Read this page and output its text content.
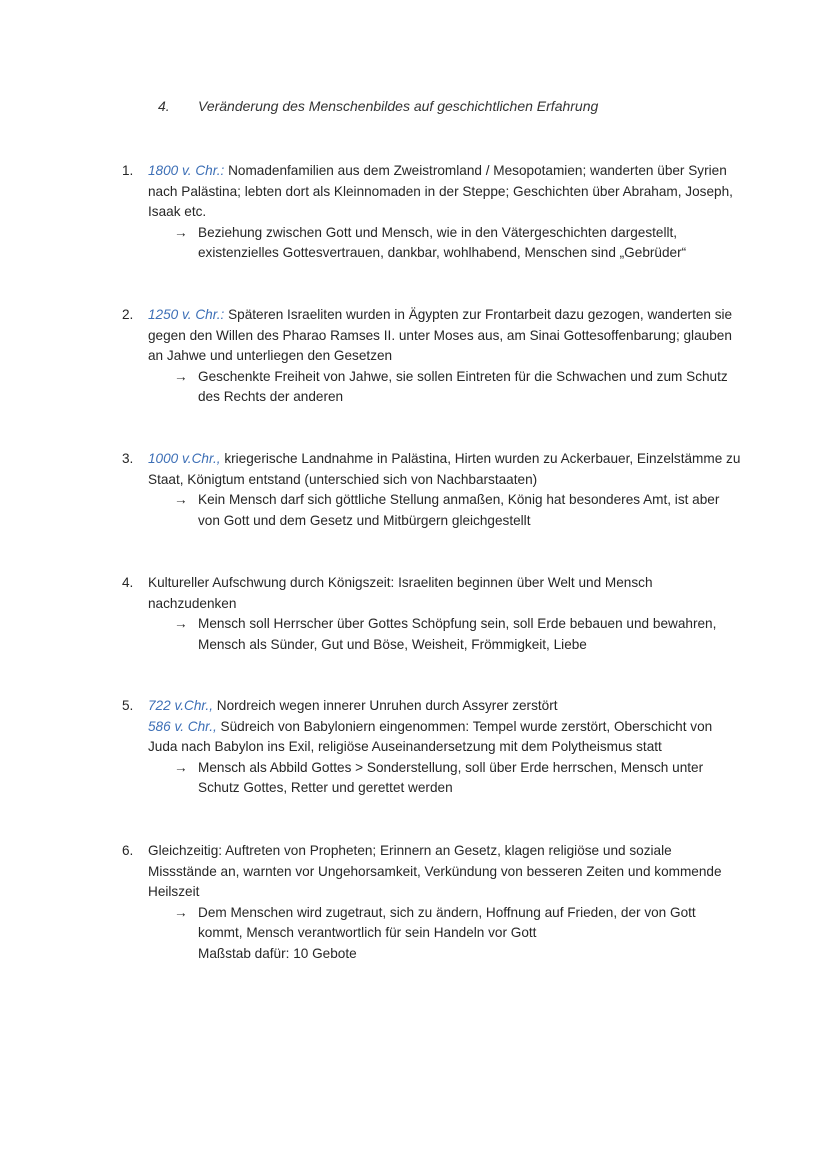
4. Veränderung des Menschenbildes auf geschichtlichen Erfahrung
1.	1800 v. Chr.: Nomadenfamilien aus dem Zweistromland / Mesopotamien; wanderten über Syrien nach Palästina; lebten dort als Kleinnomaden in der Steppe; Geschichten über Abraham, Joseph, Isaak etc.

→ Beziehung zwischen Gott und Mensch, wie in den Vätergeschichten dargestellt, existenzielles Gottesvertrauen, dankbar, wohlhabend, Menschen sind „Gebrüder“

2.	1250 v. Chr.: Späteren Israeliten wurden in Ägypten zur Frontarbeit dazu gezogen, wanderten sie gegen den Willen des Pharao Ramses II. unter Moses aus, am Sinai Gottesoffenbarung; glauben an Jahwe und unterliegen den Gesetzen

→ Geschenkte Freiheit von Jahwe, sie sollen Eintreten für die Schwachen und zum Schutz des Rechts der anderen

3.	1000 v.Chr., kriegerische Landnahme in Palästina, Hirten wurden zu Ackerbauer, Einzelstämme zu Staat, Königtum entstand (unterschied sich von Nachbarstaaten)

→ Kein Mensch darf sich göttliche Stellung anmaßen, König hat besonderes Amt, ist aber von Gott und dem Gesetz und Mitbürgern gleichgestellt

4.	Kultureller Aufschwung durch Königszeit: Israeliten beginnen über Welt und Mensch nachzudenken

→ Mensch soll Herrscher über Gottes Schöpfung sein, soll Erde bebauen und bewahren, Mensch als Sünder, Gut und Böse, Weisheit, Frömmigkeit, Liebe

5.	722 v.Chr., Nordreich wegen innerer Unruhen durch Assyrer zerstört

586 v. Chr., Südreich von Babyloniern eingenommen: Tempel wurde zerstört, Oberschicht von Juda nach Babylon ins Exil, religiöse Auseinandersetzung mit dem Polytheismus statt

→ Mensch als Abbild Gottes > Sonderstellung, soll über Erde herrschen, Mensch unter Schutz Gottes, Retter und gerettet werden

6.	Gleichzeitig: Auftreten von Propheten; Erinnern an Gesetz, klagen religiöse und soziale Missstände an, warnten vor Ungehorsamkeit, Verkündung von besseren Zeiten und kommende Heilszeit

→ Dem Menschen wird zugetraut, sich zu ändern, Hoffnung auf Frieden, der von Gott kommt, Mensch verantwortlich für sein Handeln vor Gott

Maßstab dafür: 10 Gebote
